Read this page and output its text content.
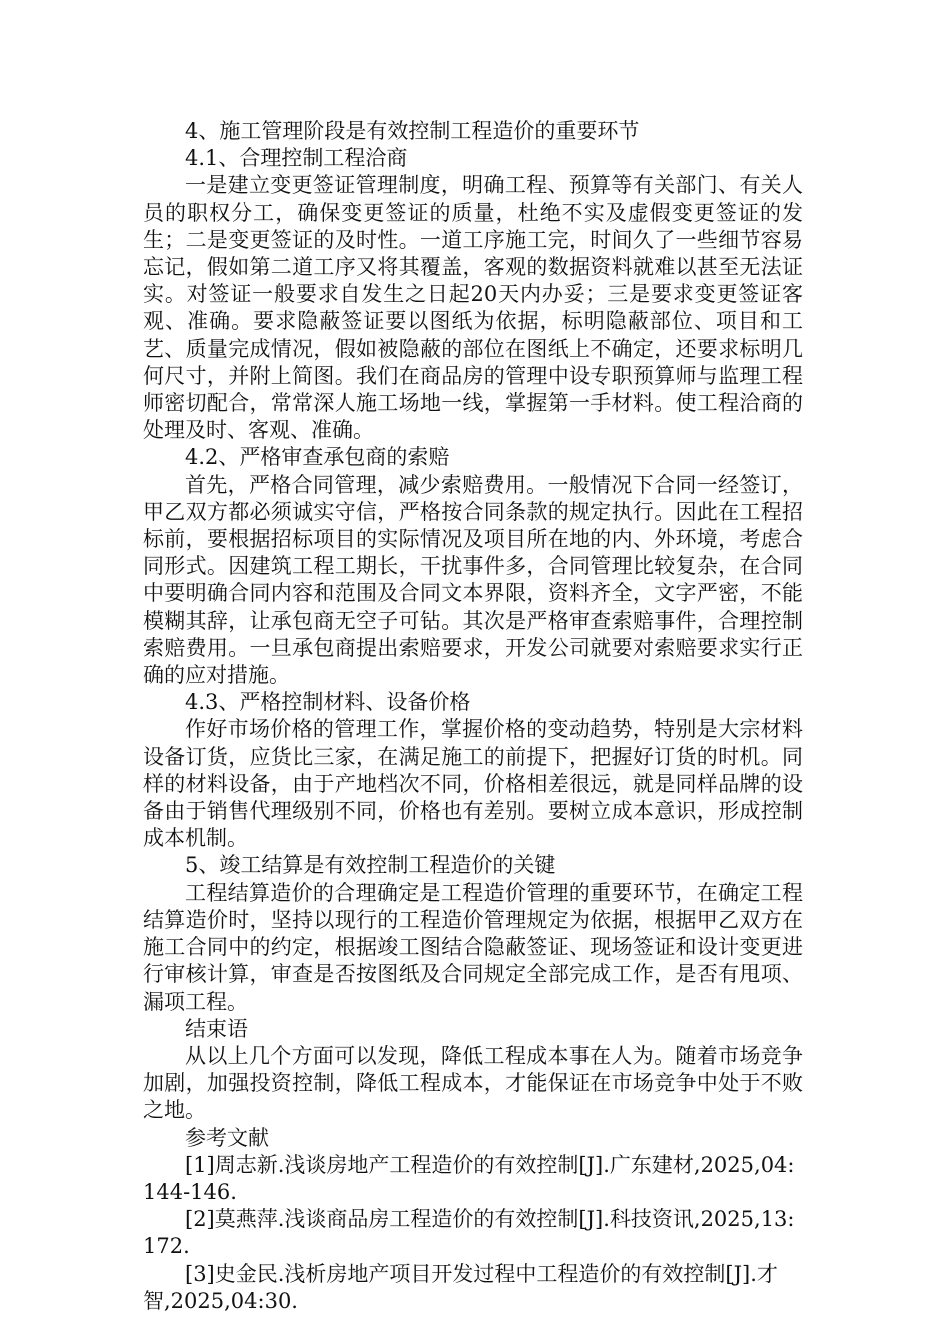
4、施工管理阶段是有效控制工程造价的重要环节

4.1、合理控制工程洽商

一是建立变更签证管理制度，明确工程、预算等有关部门、有关人员的职权分工，确保变更签证的质量，杜绝不实及虚假变更签证的发生；二是变更签证的及时性。一道工序施工完，时间久了一些细节容易忘记，假如第二道工序又将其覆盖，客观的数据资料就难以甚至无法证实。对签证一般要求自发生之日起20天内办妥；三是要求变更签证客观、准确。要求隐蔽签证要以图纸为依据，标明隐蔽部位、项目和工艺、质量完成情况，假如被隐蔽的部位在图纸上不确定，还要求标明几何尺寸，并附上简图。我们在商品房的管理中设专职预算师与监理工程师密切配合，常常深人施工场地一线，掌握第一手材料。使工程洽商的处理及时、客观、准确。

4.2、严格审查承包商的索赔

首先，严格合同管理，减少索赔费用。一般情况下合同一经签订，甲乙双方都必须诚实守信，严格按合同条款的规定执行。因此在工程招标前，要根据招标项目的实际情况及项目所在地的内、外环境，考虑合同形式。因建筑工程工期长，干扰事件多，合同管理比较复杂，在合同中要明确合同内容和范围及合同文本界限，资料齐全，文字严密，不能模糊其辞，让承包商无空子可钻。其次是严格审查索赔事件，合理控制索赔费用。一旦承包商提出索赔要求，开发公司就要对索赔要求实行正确的应对措施。

4.3、严格控制材料、设备价格

作好市场价格的管理工作，掌握价格的变动趋势，特别是大宗材料设备订货，应货比三家，在满足施工的前提下，把握好订货的时机。同样的材料设备，由于产地档次不同，价格相差很远，就是同样品牌的设备由于销售代理级别不同，价格也有差别。要树立成本意识，形成控制成本机制。

5、竣工结算是有效控制工程造价的关键

工程结算造价的合理确定是工程造价管理的重要环节，在确定工程结算造价时，坚持以现行的工程造价管理规定为依据，根据甲乙双方在施工合同中的约定，根据竣工图结合隐蔽签证、现场签证和设计变更进行审核计算，审查是否按图纸及合同规定全部完成工作，是否有甩项、漏项工程。

结束语

从以上几个方面可以发现，降低工程成本事在人为。随着市场竞争加剧，加强投资控制，降低工程成本，才能保证在市场竞争中处于不败之地。

参考文献

[1]周志新.浅谈房地产工程造价的有效控制[J].广东建材,2025,04:144-146.

[2]莫燕萍.浅谈商品房工程造价的有效控制[J].科技资讯,2025,13:172.

[3]史金民.浅析房地产项目开发过程中工程造价的有效控制[J].才智,2025,04:30.
